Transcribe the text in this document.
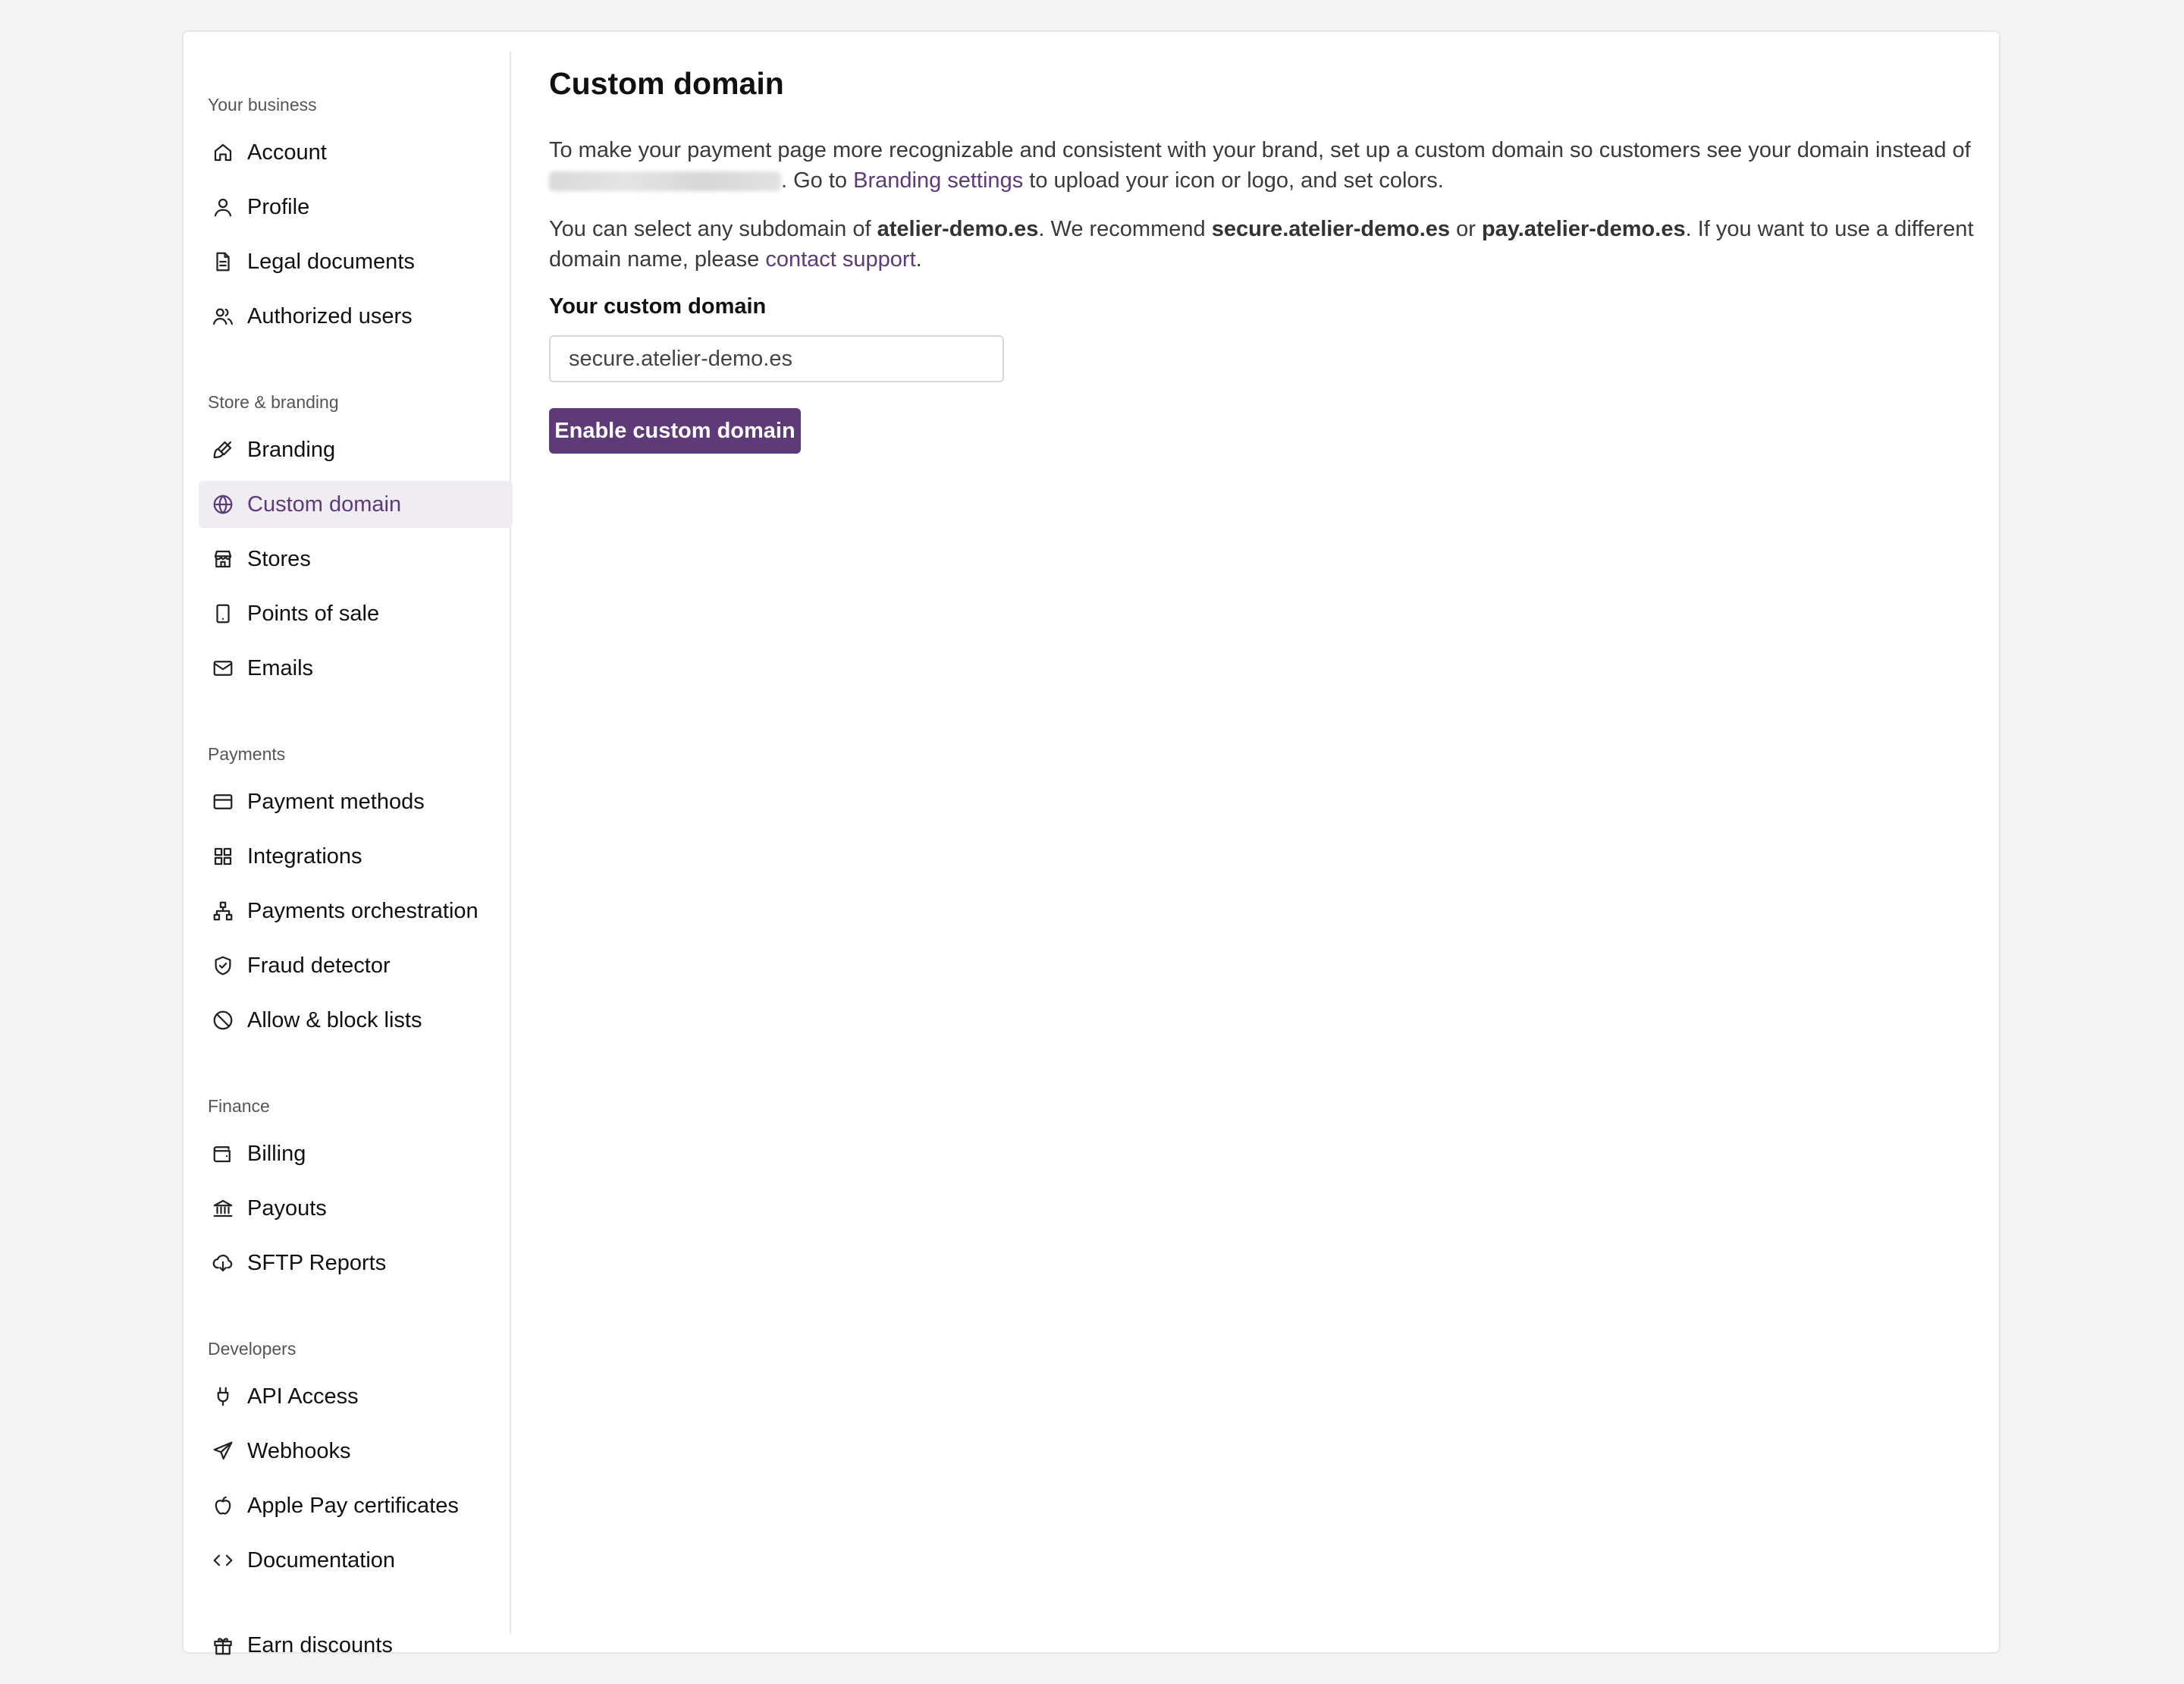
Your business
Account
Profile
Legal documents
Authorized users
Store & branding
Branding
Custom domain
Stores
Points of sale
Emails
Payments
Payment methods
Integrations
Payments orchestration
Fraud detector
Allow & block lists
Finance
Billing
Payouts
SFTP Reports
Developers
API Access
Webhooks
Apple Pay certificates
Documentation
Earn discounts
Custom domain

To make your payment page more recognizable and consistent with your brand, set up a custom domain so customers see your domain instead of
. Go to Branding settings to upload your icon or logo, and set colors.

You can select any subdomain of atelier-demo.es. We recommend secure.atelier-demo.es or pay.atelier-demo.es. If you want to use a different domain name, please contact support.

Your custom domain
secure.atelier-demo.es
Enable custom domain
